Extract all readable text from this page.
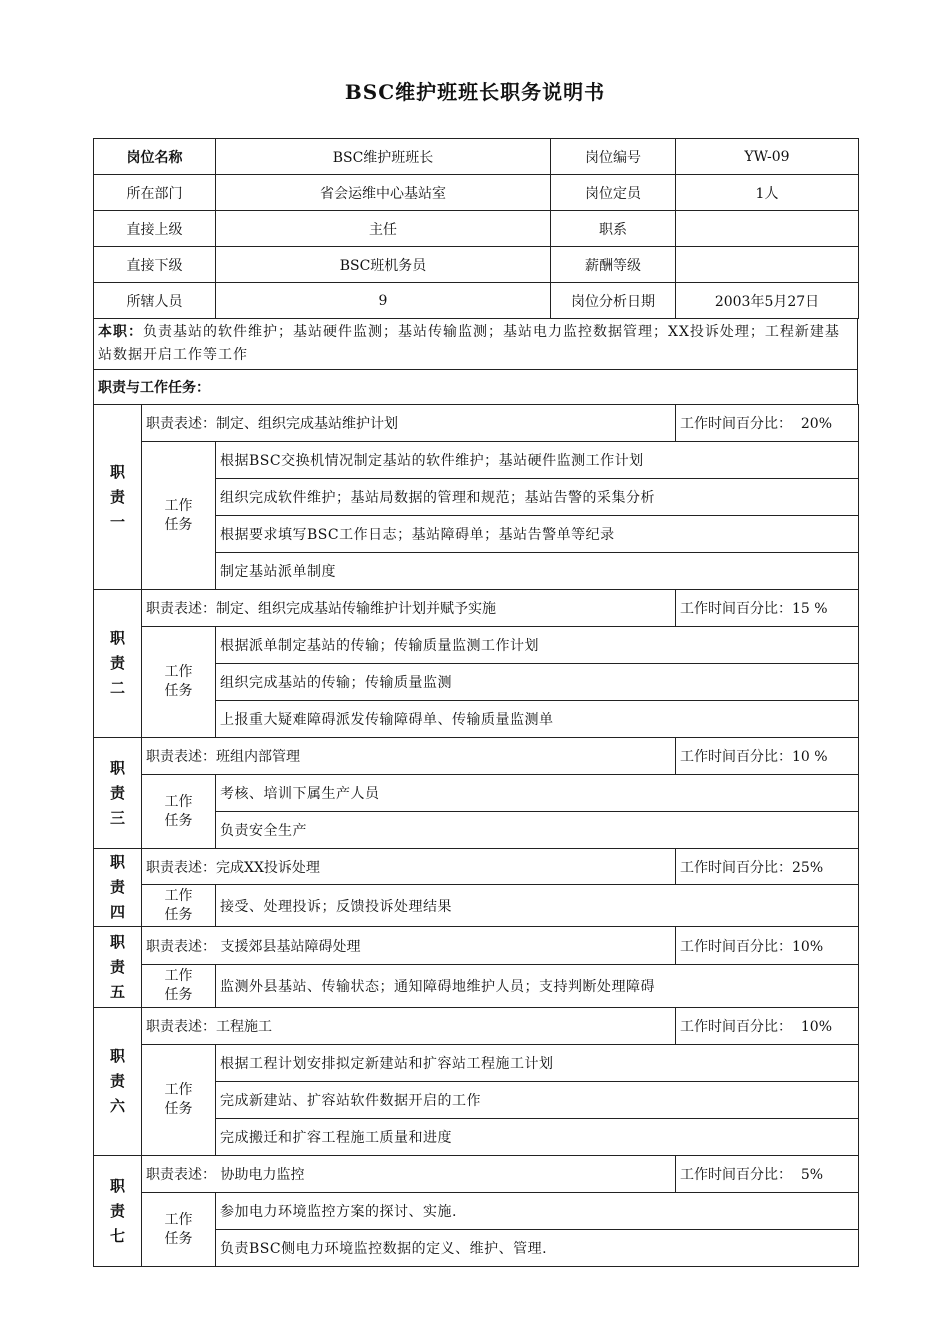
BSC维护班班长职务说明书
岗位名称	BSC维护班班长	岗位编号	YW-09
所在部门	省会运维中心基站室	岗位定员	1人
直接上级	主任	职系	
直接下级	BSC班机务员	薪酬等级	
所辖人员	9	岗位分析日期	2003年5月27日
本职：负责基站的软件维护；基站硬件监测；基站传输监测；基站电力监控数据管理；XX投诉处理；工程新建基站数据开启工作等工作
职责与工作任务：
职责一	职责表述：制定、组织完成基站维护计划		工作时间百分比：  20%
	工作任务	根据BSC交换机情况制定基站的软件维护；基站硬件监测工作计划	
		组织完成软件维护；基站局数据的管理和规范；基站告警的采集分析	
		根据要求填写BSC工作日志；基站障碍单；基站告警单等纪录	
		制定基站派单制度	
职责二	职责表述：制定、组织完成基站传输维护计划并赋予实施		工作时间百分比：15 %
	工作任务	根据派单制定基站的传输；传输质量监测工作计划	
		组织完成基站的传输；传输质量监测	
		上报重大疑难障碍派发传输障碍单、传输质量监测单	
职责三	职责表述：班组内部管理		工作时间百分比：10 %
	工作任务	考核、培训下属生产人员	
		负责安全生产	
职责四	职责表述：完成XX投诉处理		工作时间百分比：25%
	工作任务	接受、处理投诉；反馈投诉处理结果	
职责五	职责表述： 支援郊县基站障碍处理		工作时间百分比：10%
	工作任务	监测外县基站、传输状态；通知障碍地维护人员；支持判断处理障碍	
职责六	职责表述：工程施工		工作时间百分比：  10%
	工作任务	根据工程计划安排拟定新建站和扩容站工程施工计划	
		完成新建站、扩容站软件数据开启的工作	
		完成搬迁和扩容工程施工质量和进度	
职责七	职责表述： 协助电力监控		工作时间百分比：  5%
	工作任务	参加电力环境监控方案的探讨、实施.	
		负责BSC侧电力环境监控数据的定义、维护、管理.	
